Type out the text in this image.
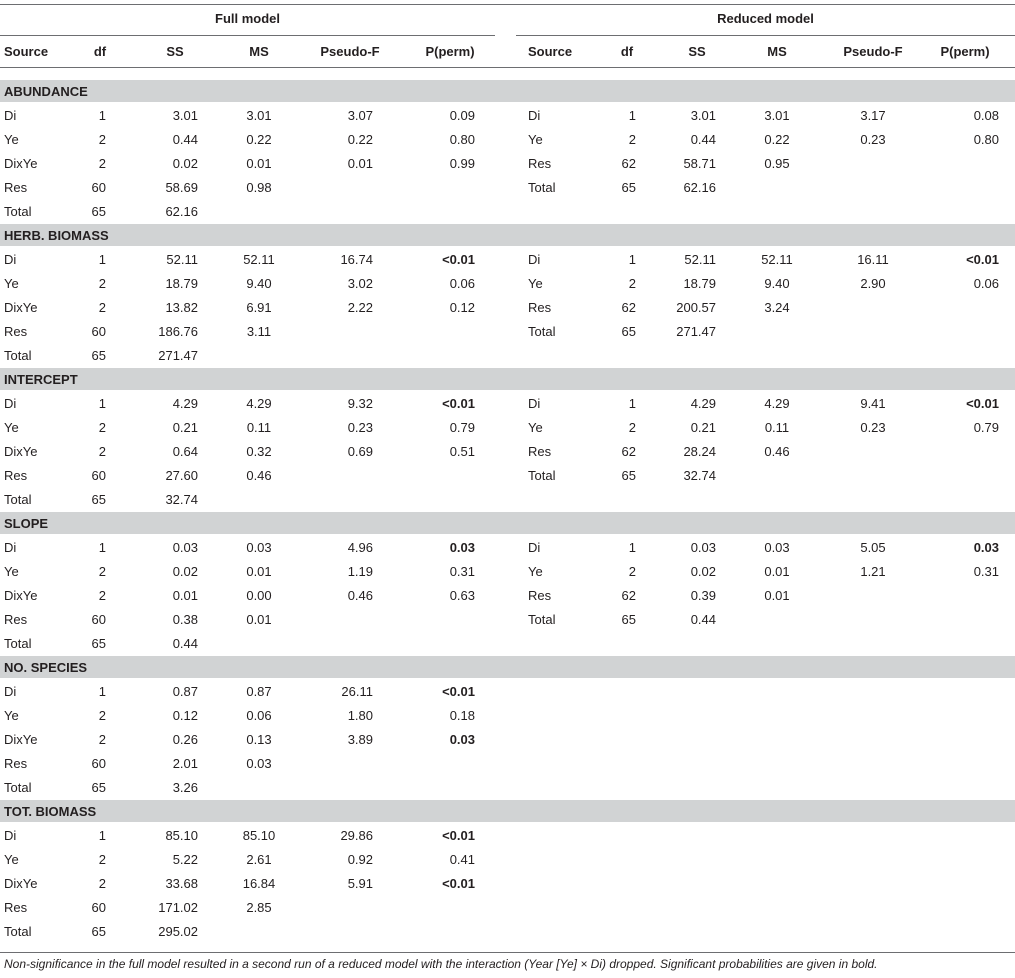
Full model	Reduced model
Source	df	SS	MS	Pseudo-F	P(perm)	Source	df	SS	MS	Pseudo-F	P(perm)
ABUNDANCE
Di	1	3.01	3.01	3.07	0.09	Di	1	3.01	3.01	3.17	0.08
Ye	2	0.44	0.22	0.22	0.80	Ye	2	0.44	0.22	0.23	0.80
DixYe	2	0.02	0.01	0.01	0.99	Res	62	58.71	0.95
Res	60	58.69	0.98	Total	65	62.16
Total	65	62.16
HERB. BIOMASS
Di	1	52.11	52.11	16.74	<0.01	Di	1	52.11	52.11	16.11	<0.01
Ye	2	18.79	9.40	3.02	0.06	Ye	2	18.79	9.40	2.90	0.06
DixYe	2	13.82	6.91	2.22	0.12	Res	62	200.57	3.24
Res	60	186.76	3.11	Total	65	271.47
Total	65	271.47
INTERCEPT
Di	1	4.29	4.29	9.32	<0.01	Di	1	4.29	4.29	9.41	<0.01
Ye	2	0.21	0.11	0.23	0.79	Ye	2	0.21	0.11	0.23	0.79
DixYe	2	0.64	0.32	0.69	0.51	Res	62	28.24	0.46
Res	60	27.60	0.46	Total	65	32.74
Total	65	32.74
SLOPE
Di	1	0.03	0.03	4.96	0.03	Di	1	0.03	0.03	5.05	0.03
Ye	2	0.02	0.01	1.19	0.31	Ye	2	0.02	0.01	1.21	0.31
DixYe	2	0.01	0.00	0.46	0.63	Res	62	0.39	0.01
Res	60	0.38	0.01	Total	65	0.44
Total	65	0.44
NO. SPECIES
Di	1	0.87	0.87	26.11	<0.01
Ye	2	0.12	0.06	1.80	0.18
DixYe	2	0.26	0.13	3.89	0.03
Res	60	2.01	0.03
Total	65	3.26
TOT. BIOMASS
Di	1	85.10	85.10	29.86	<0.01
Ye	2	5.22	2.61	0.92	0.41
DixYe	2	33.68	16.84	5.91	<0.01
Res	60	171.02	2.85
Total	65	295.02
Non-significance in the full model resulted in a second run of a reduced model with the interaction (Year [Ye] × Di) dropped. Significant probabilities are given in bold.
